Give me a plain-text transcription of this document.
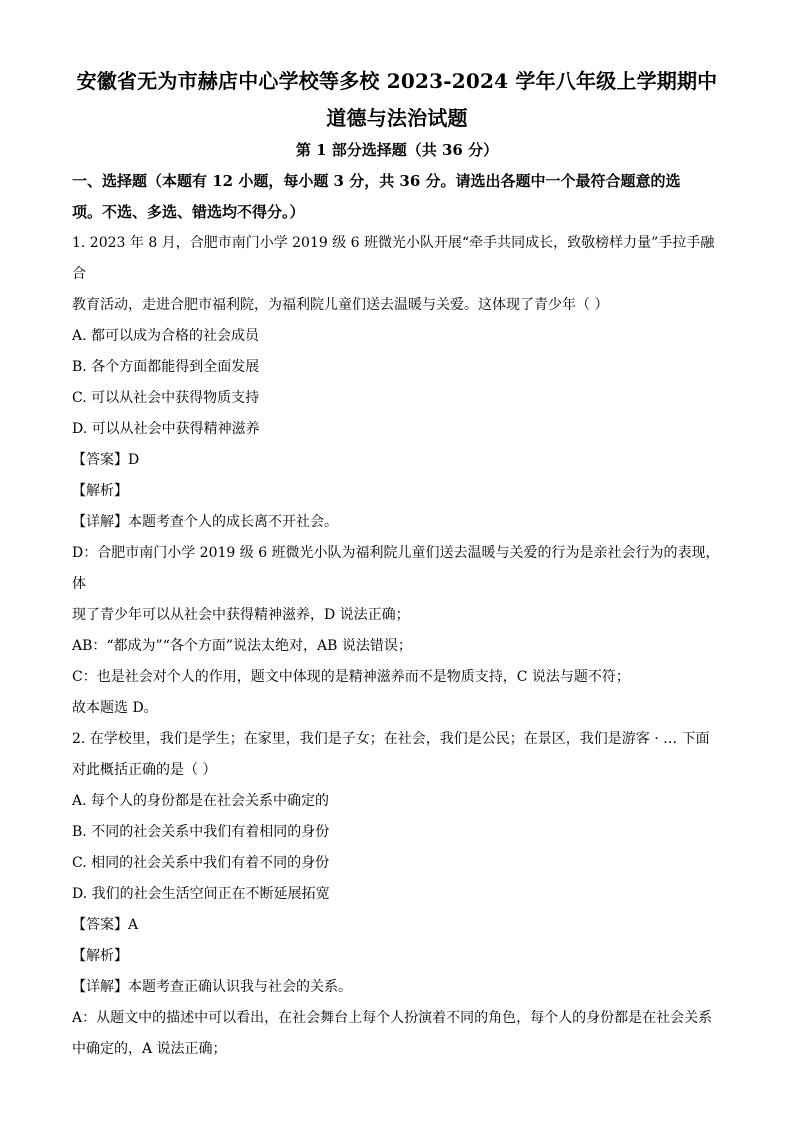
安徽省无为市赫店中心学校等多校 2023-2024 学年八年级上学期期中
道德与法治试题
第 1 部分选择题（共 36 分）
一、选择题（本题有 12 小题，每小题 3 分，共 36 分。请选出各题中一个最符合题意的选
项。不选、多选、错选均不得分。）

1. 2023 年 8 月，合肥市南门小学 2019 级 6 班微光小队开展“牵手共同成长，致敬榜样力量”手拉手融合

教育活动，走进合肥市福利院，为福利院儿童们送去温暖与关爱。这体现了青少年（ ）

A. 都可以成为合格的社会成员

B. 各个方面都能得到全面发展

C. 可以从社会中获得物质支持

D. 可以从社会中获得精神滋养

【答案】D

【解析】

【详解】本题考查个人的成长离不开社会。

D：合肥市南门小学 2019 级 6 班微光小队为福利院儿童们送去温暖与关爱的行为是亲社会行为的表现，体

现了青少年可以从社会中获得精神滋养，D 说法正确；

AB：“都成为”“各个方面”说法太绝对，AB 说法错误；

C：也是社会对个人的作用，题文中体现的是精神滋养而不是物质支持，C 说法与题不符；

故本题选 D。

2. 在学校里，我们是学生；在家里，我们是子女；在社会，我们是公民；在景区，我们是游客 · … 下面

对此概括正确的是（ ）

A. 每个人的身份都是在社会关系中确定的

B. 不同的社会关系中我们有着相同的身份

C. 相同的社会关系中我们有着不同的身份

D. 我们的社会生活空间正在不断延展拓宽

【答案】A

【解析】

【详解】本题考查正确认识我与社会的关系。

A：从题文中的描述中可以看出，在社会舞台上每个人扮演着不同的角色，每个人的身份都是在社会关系

中确定的，A 说法正确；
